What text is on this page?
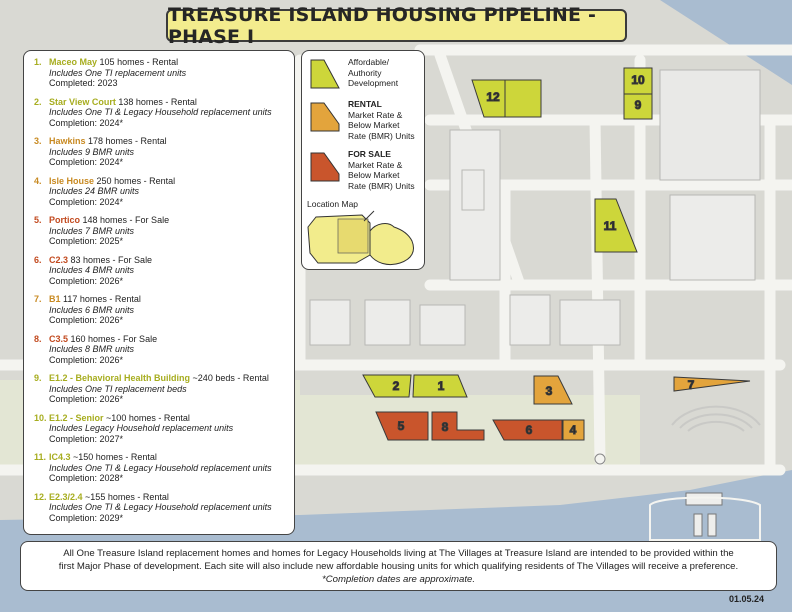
12
10
9
11
2	1	3	7
5	8	6	4
TREASURE ISLAND HOUSING PIPELINE - PHASE I
1. Maceo May 105 homes - Rental
Includes One TI replacement units
Completed: 2023
2. Star View Court 138 homes - Rental
Includes One TI & Legacy Household replacement units
Completion: 2024*
3. Hawkins 178 homes - Rental
Includes 9 BMR units
Completion: 2024*
4. Isle House 250 homes - Rental
Includes 24 BMR units
Completion: 2024*
5. Portico 148 homes - For Sale
Includes 7 BMR units
Completion: 2025*
6. C2.3 83 homes - For Sale
Includes 4 BMR units
Completion: 2026*
7. B1 117 homes - Rental
Includes 6 BMR units
Completion: 2026*
8. C3.5 160 homes - For Sale
Includes 8 BMR units
Completion: 2026*
9. E1.2 - Behavioral Health Building ~240 beds - Rental
Includes One TI replacement beds
Completion: 2026*
10. E1.2 - Senior ~100 homes - Rental
Includes Legacy Household replacement units
Completion: 2027*
11. IC4.3 ~150 homes - Rental
Includes One TI & Legacy Household replacement units
Completion: 2028*
12. E2.3/2.4 ~155 homes - Rental
Includes One TI & Legacy Household replacement units
Completion: 2029*
Affordable/
Authority
Development
RENTAL
Market Rate &
Below Market
Rate (BMR) Units
FOR SALE
Market Rate &
Below Market
Rate (BMR) Units
Location Map
All One Treasure Island replacement homes and homes for Legacy Households living at The Villages at Treasure Island are intended to be provided within the
first Major Phase of development. Each site will also include new affordable housing units for which qualifying residents of The Villages will receive a preference.
*Completion dates are approximate.
01.05.24
